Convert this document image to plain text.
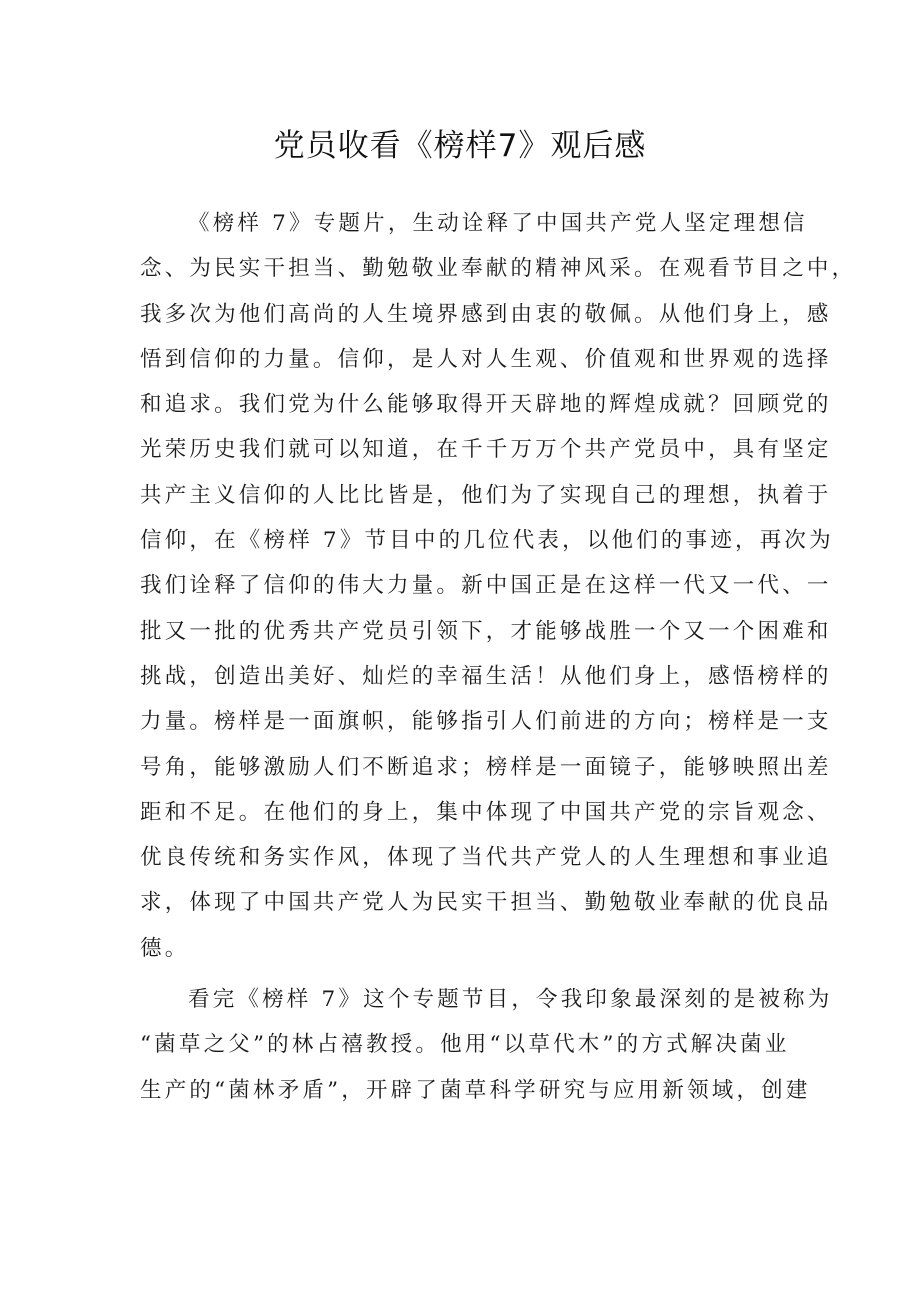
党员收看《榜样7》观后感

《榜样 7》专题片，生动诠释了中国共产党人坚定理想信
念、为民实干担当、勤勉敬业奉献的精神风采。在观看节目之中，
我多次为他们高尚的人生境界感到由衷的敬佩。从他们身上，感
悟到信仰的力量。信仰，是人对人生观、价值观和世界观的选择
和追求。我们党为什么能够取得开天辟地的辉煌成就？回顾党的
光荣历史我们就可以知道，在千千万万个共产党员中，具有坚定
共产主义信仰的人比比皆是，他们为了实现自己的理想，执着于
信仰，在《榜样 7》节目中的几位代表，以他们的事迹，再次为
我们诠释了信仰的伟大力量。新中国正是在这样一代又一代、一
批又一批的优秀共产党员引领下，才能够战胜一个又一个困难和
挑战，创造出美好、灿烂的幸福生活！从他们身上，感悟榜样的
力量。榜样是一面旗帜，能够指引人们前进的方向；榜样是一支
号角，能够激励人们不断追求；榜样是一面镜子，能够映照出差
距和不足。在他们的身上，集中体现了中国共产党的宗旨观念、
优良传统和务实作风，体现了当代共产党人的人生理想和事业追
求，体现了中国共产党人为民实干担当、勤勉敬业奉献的优良品
德。

看完《榜样 7》这个专题节目，令我印象最深刻的是被称为
“菌草之父”的林占禧教授。他用“以草代木”的方式解决菌业
生产的“菌林矛盾”，开辟了菌草科学研究与应用新领域，创建
